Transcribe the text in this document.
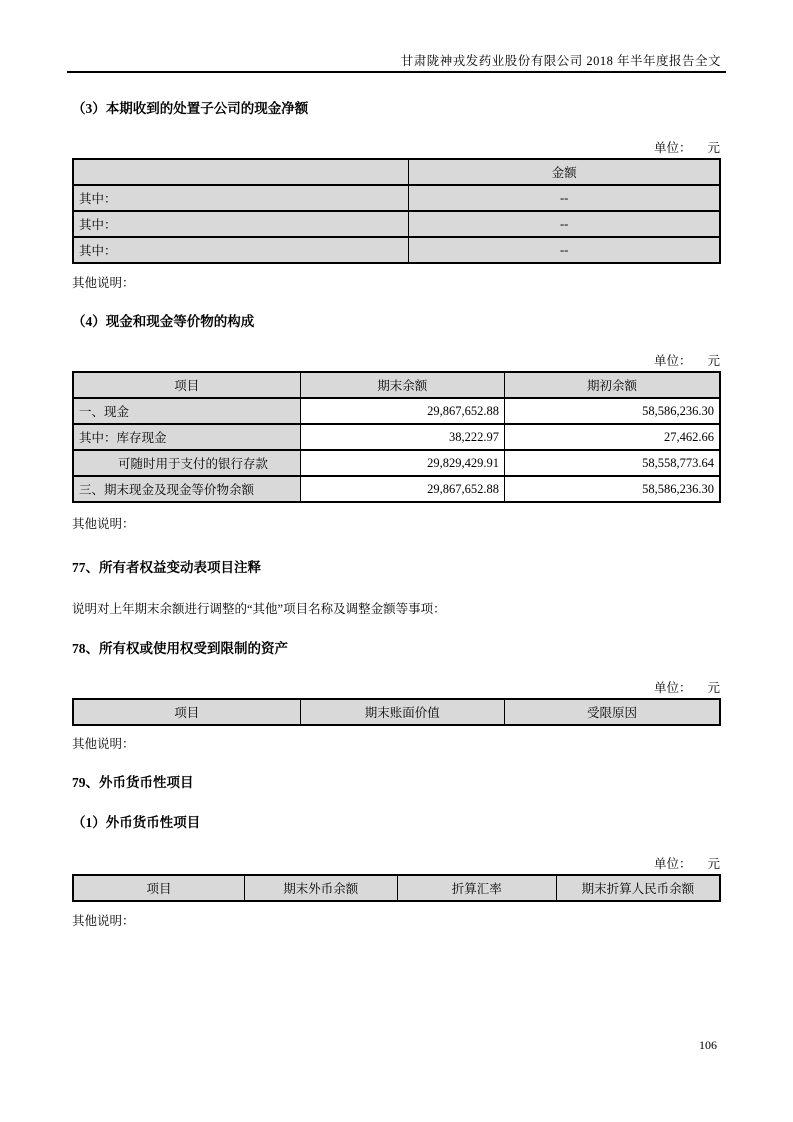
甘肃陇神戎发药业股份有限公司 2018 年半年度报告全文
（3）本期收到的处置子公司的现金净额
单位： 元
	金额
其中：	--
其中：	--
其中：	--
其他说明：
（4）现金和现金等价物的构成
单位： 元
项目	期末余额	期初余额
一、现金	29,867,652.88	58,586,236.30
其中：库存现金	38,222.97	27,462.66
可随时用于支付的银行存款	29,829,429.91	58,558,773.64
三、期末现金及现金等价物余额	29,867,652.88	58,586,236.30
其他说明：
77、所有者权益变动表项目注释
说明对上年期末余额进行调整的“其他”项目名称及调整金额等事项：
78、所有权或使用权受到限制的资产
单位： 元
项目	期末账面价值	受限原因
其他说明：
79、外币货币性项目
（1）外币货币性项目
单位： 元
项目	期末外币余额	折算汇率	期末折算人民币余额
其他说明：
106
